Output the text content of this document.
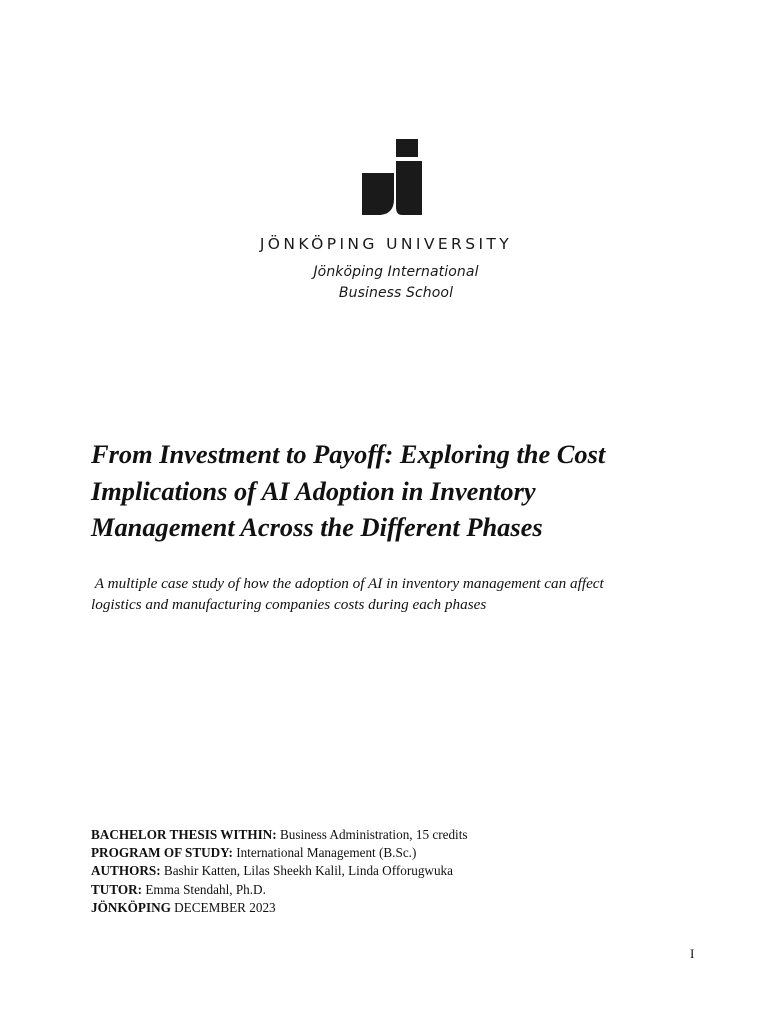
JÖNKÖPING UNIVERSITY
Jönköping International
Business School
From Investment to Payoff: Exploring the Cost
Implications of AI Adoption in Inventory
Management Across the Different Phases

A multiple case study of how the adoption of AI in inventory management can affect
logistics and manufacturing companies costs during each phases

BACHELOR THESIS WITHIN: Business Administration, 15 credits
PROGRAM OF STUDY: International Management (B.Sc.)
AUTHORS: Bashir Katten, Lilas Sheekh Kalil, Linda Offorugwuka
TUTOR: Emma Stendahl, Ph.D.
JÖNKÖPING DECEMBER 2023
I
